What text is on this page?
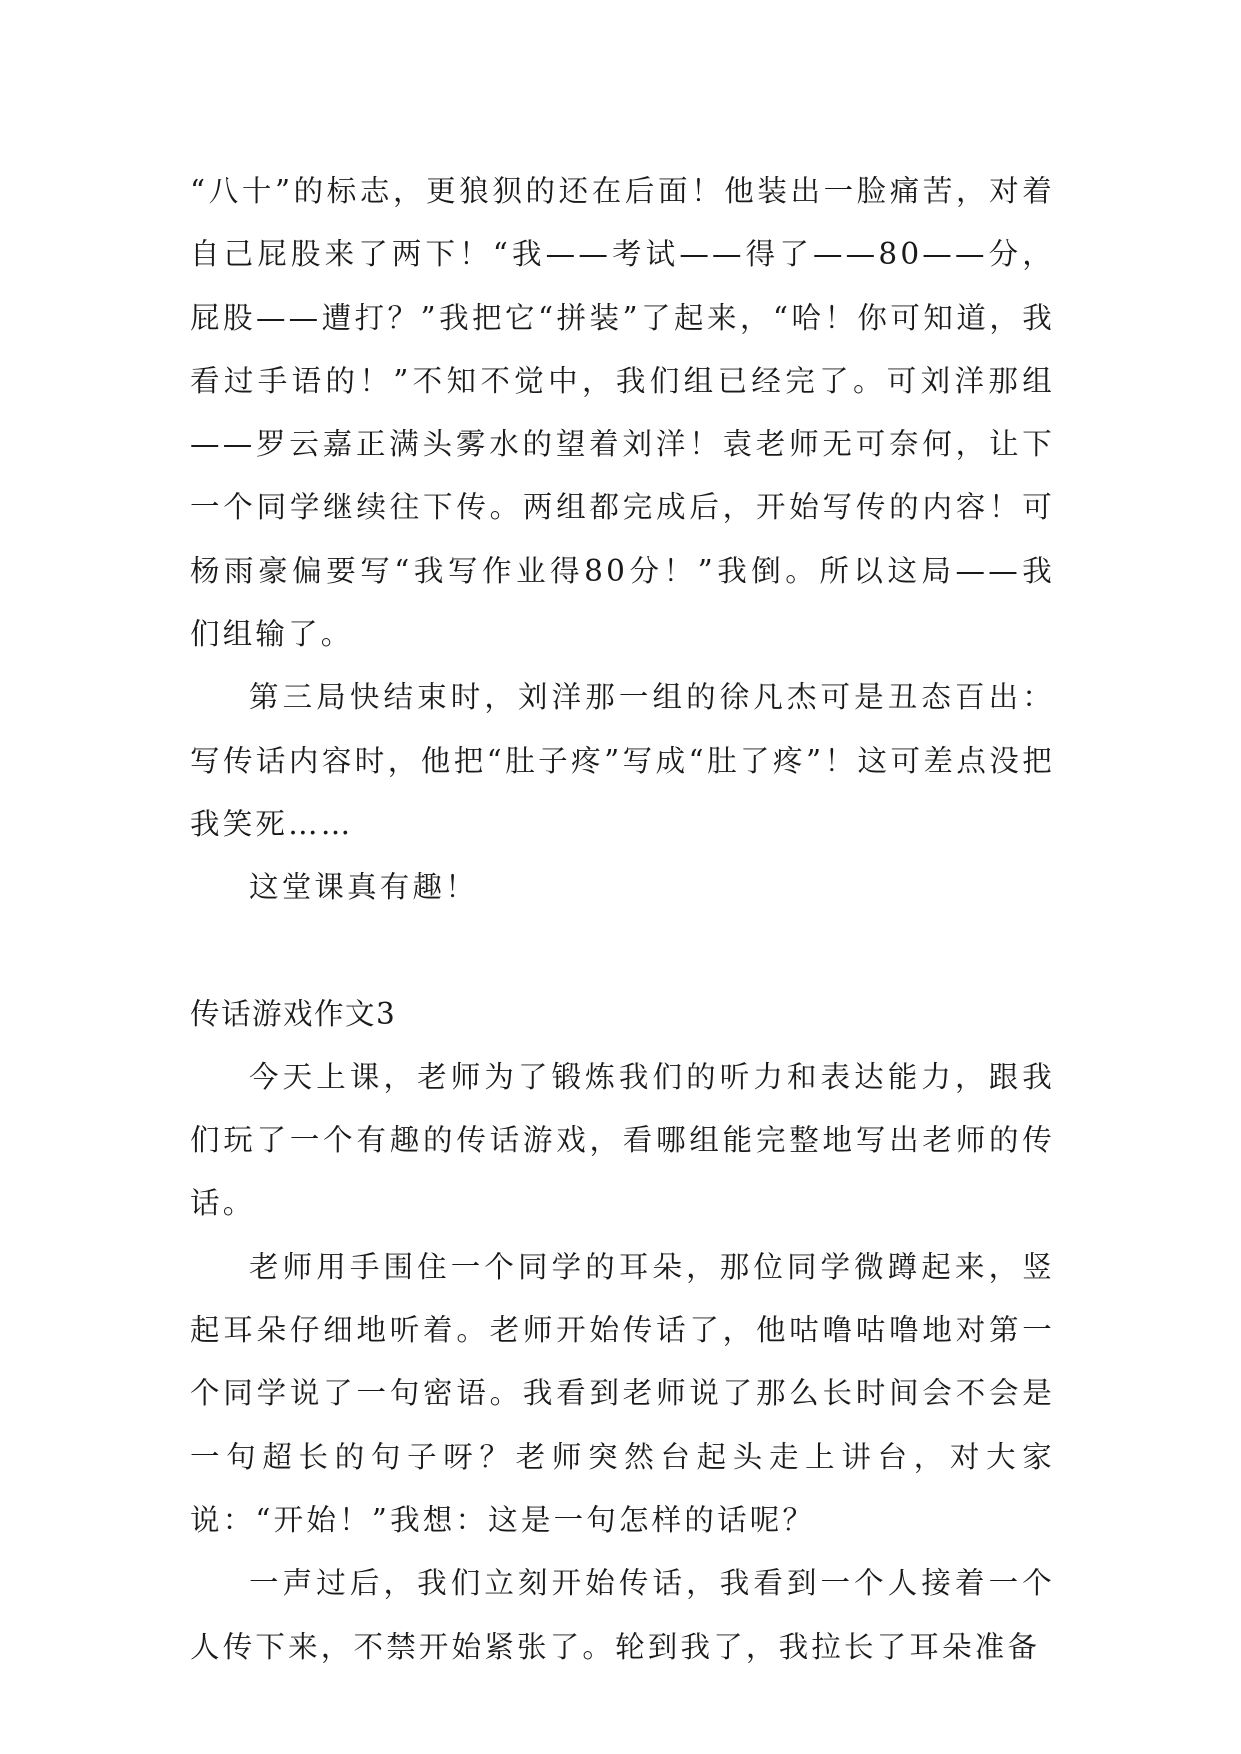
“八十”的标志，更狼狈的还在后面！他装出一脸痛苦，对着自己屁股来了两下！“我——考试——得了——80——分，屁股——遭打？”我把它“拼装”了起来，“哈！你可知道，我看过手语的！”不知不觉中，我们组已经完了。可刘洋那组——罗云嘉正满头雾水的望着刘洋！袁老师无可奈何，让下一个同学继续往下传。两组都完成后，开始写传的内容！可杨雨豪偏要写“我写作业得80分！”我倒。所以这局——我们组输了。

第三局快结束时，刘洋那一组的徐凡杰可是丑态百出：写传话内容时，他把“肚子疼”写成“肚了疼”！这可差点没把我笑死……

这堂课真有趣！

传话游戏作文3

今天上课，老师为了锻炼我们的听力和表达能力，跟我们玩了一个有趣的传话游戏，看哪组能完整地写出老师的传话。

老师用手围住一个同学的耳朵，那位同学微蹲起来，竖起耳朵仔细地听着。老师开始传话了，他咕噜咕噜地对第一个同学说了一句密语。我看到老师说了那么长时间会不会是一句超长的句子呀？老师突然台起头走上讲台，对大家说：“开始！”我想：这是一句怎样的话呢？

一声过后，我们立刻开始传话，我看到一个人接着一个人传下来，不禁开始紧张了。轮到我了，我拉长了耳朵准备
